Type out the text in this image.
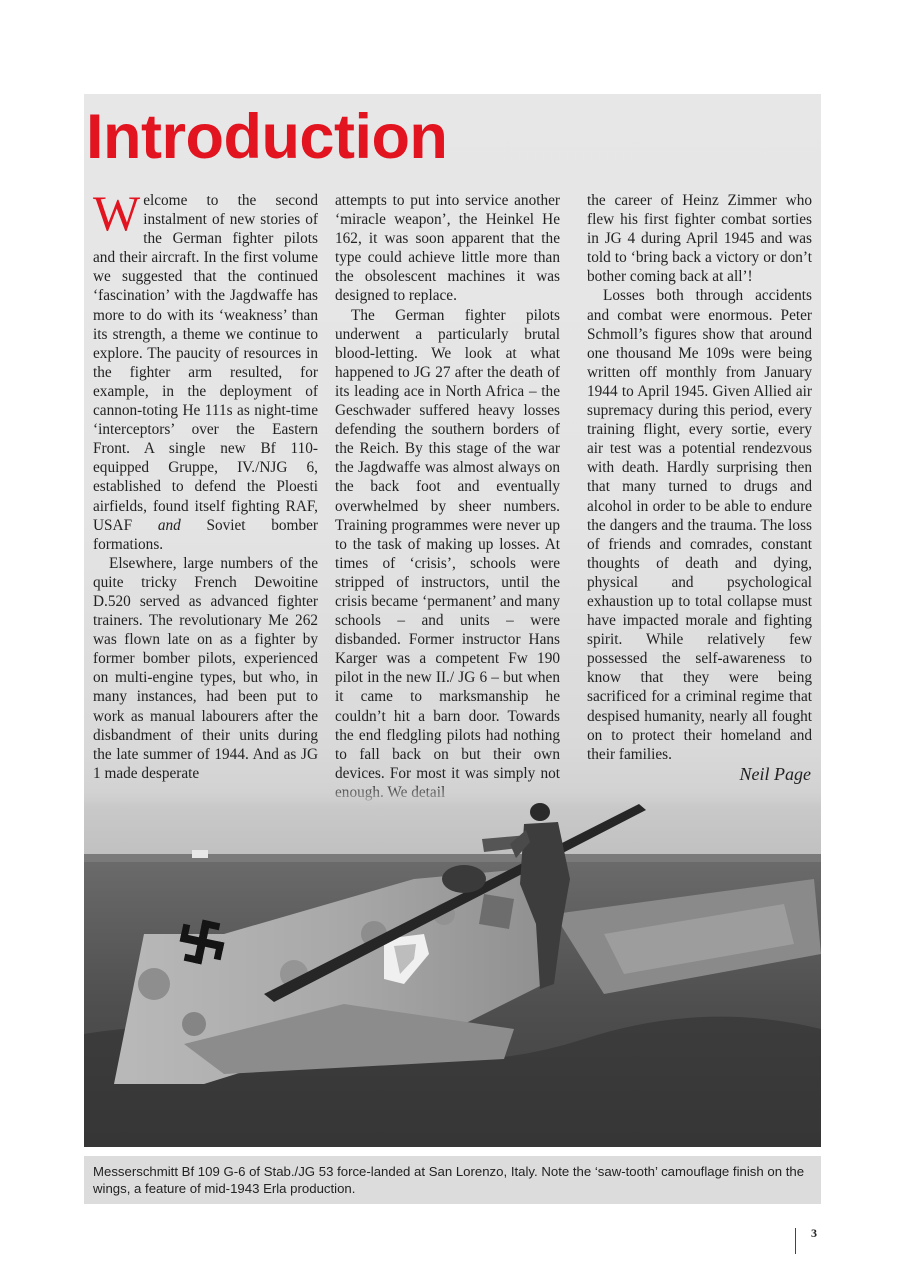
Introduction

Welcome to the second instalment of new stories of the German fighter pilots and their aircraft. In the first volume we suggested that the continued ‘fascination’ with the Jagdwaffe has more to do with its ‘weakness’ than its strength, a theme we continue to explore. The paucity of resources in the fighter arm resulted, for example, in the deployment of cannon-toting He 111s as night-time ‘interceptors’ over the Eastern Front. A single new Bf 110-equipped Gruppe, IV./NJG 6, established to defend the Ploesti airfields, found itself fighting RAF, USAF and Soviet bomber formations.

Elsewhere, large numbers of the quite tricky French Dewoitine D.520 served as advanced fighter trainers. The revolutionary Me 262 was flown late on as a fighter by former bomber pilots, experienced on multi-engine types, but who, in many instances, had been put to work as manual labourers after the disbandment of their units during the late summer of 1944. And as JG 1 made desperate

attempts to put into service another ‘miracle weapon’, the Heinkel He 162, it was soon apparent that the type could achieve little more than the obsolescent machines it was designed to replace.

The German fighter pilots underwent a particularly brutal blood-letting. We look at what happened to JG 27 after the death of its leading ace in North Africa – the Geschwader suffered heavy losses defending the southern borders of the Reich. By this stage of the war the Jagdwaffe was almost always on the back foot and eventually overwhelmed by sheer numbers. Training programmes were never up to the task of making up losses. At times of ‘crisis’, schools were stripped of instructors, until the crisis became ‘permanent’ and many schools – and units – were disbanded. Former instructor Hans Karger was a competent Fw 190 pilot in the new II./ JG 6 – but when it came to marksmanship he couldn’t hit a barn door. Towards the end fledgling pilots had nothing to fall back on but their own devices. For most it was simply not

the career of Heinz Zimmer who flew his first fighter combat sorties in JG 4 during April 1945 and was told to ‘bring back a victory or don’t bother coming back at all’!

Losses both through accidents and combat were enormous. Peter Schmoll’s figures show that around one thousand Me 109s were being written off monthly from January 1944 to April 1945. Given Allied air supremacy during this period, every training flight, every sortie, every air test was a potential rendezvous with death. Hardly surprising then that many turned to drugs and alcohol in order to be able to endure the dangers and the trauma. The loss of friends and comrades, constant thoughts of death and dying, physical and psychological exhaustion up to total collapse must have impacted morale and fighting spirit. While relatively few possessed the self-awareness to know that they were being sacrificed for a criminal regime that despised humanity, nearly all fought on to protect their homeland and their families.

Neil Page

Messerschmitt Bf 109 G-6 of Stab./JG 53 force-landed at San Lorenzo, Italy. Note the ‘saw-tooth’ camouflage finish on the wings, a feature of mid-1943 Erla production.

3
